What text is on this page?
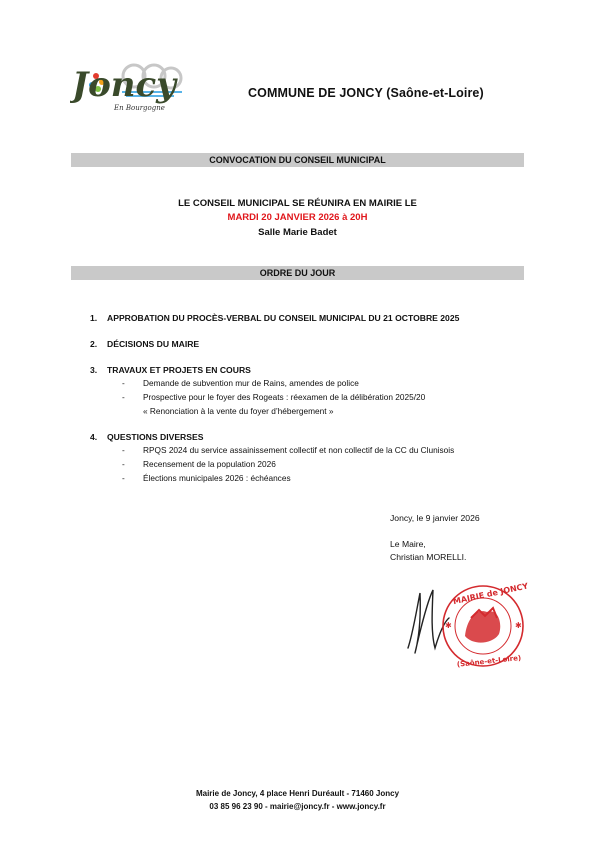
Joncy
En Bourgogne
COMMUNE DE JONCY (Saône-et-Loire)
CONVOCATION DU CONSEIL MUNICIPAL
LE CONSEIL MUNICIPAL SE RÉUNIRA EN MAIRIE LE
MARDI 20 JANVIER 2026 à 20H
Salle Marie Badet
ORDRE DU JOUR
1. APPROBATION DU PROCÈS-VERBAL DU CONSEIL MUNICIPAL DU 21 OCTOBRE 2025
2. DÉCISIONS DU MAIRE
3. TRAVAUX ET PROJETS EN COURS
- Demande de subvention mur de Rains, amendes de police
- Prospective pour le foyer des Rogeats : réexamen de la délibération 2025/20
« Renonciation à la vente du foyer d’hébergement »
4. QUESTIONS DIVERSES
- RPQS 2024 du service assainissement collectif et non collectif de la CC du Clunisois
- Recensement de la population 2026
- Élections municipales 2026 : échéances
Joncy, le 9 janvier 2026
Le Maire,
Christian MORELLI.
MAIRIE de JONCY
(Saône-et-Loire)
✱	✱
Mairie de Joncy, 4 place Henri Duréault - 71460 Joncy
03 85 96 23 90 - mairie@joncy.fr - www.joncy.fr
